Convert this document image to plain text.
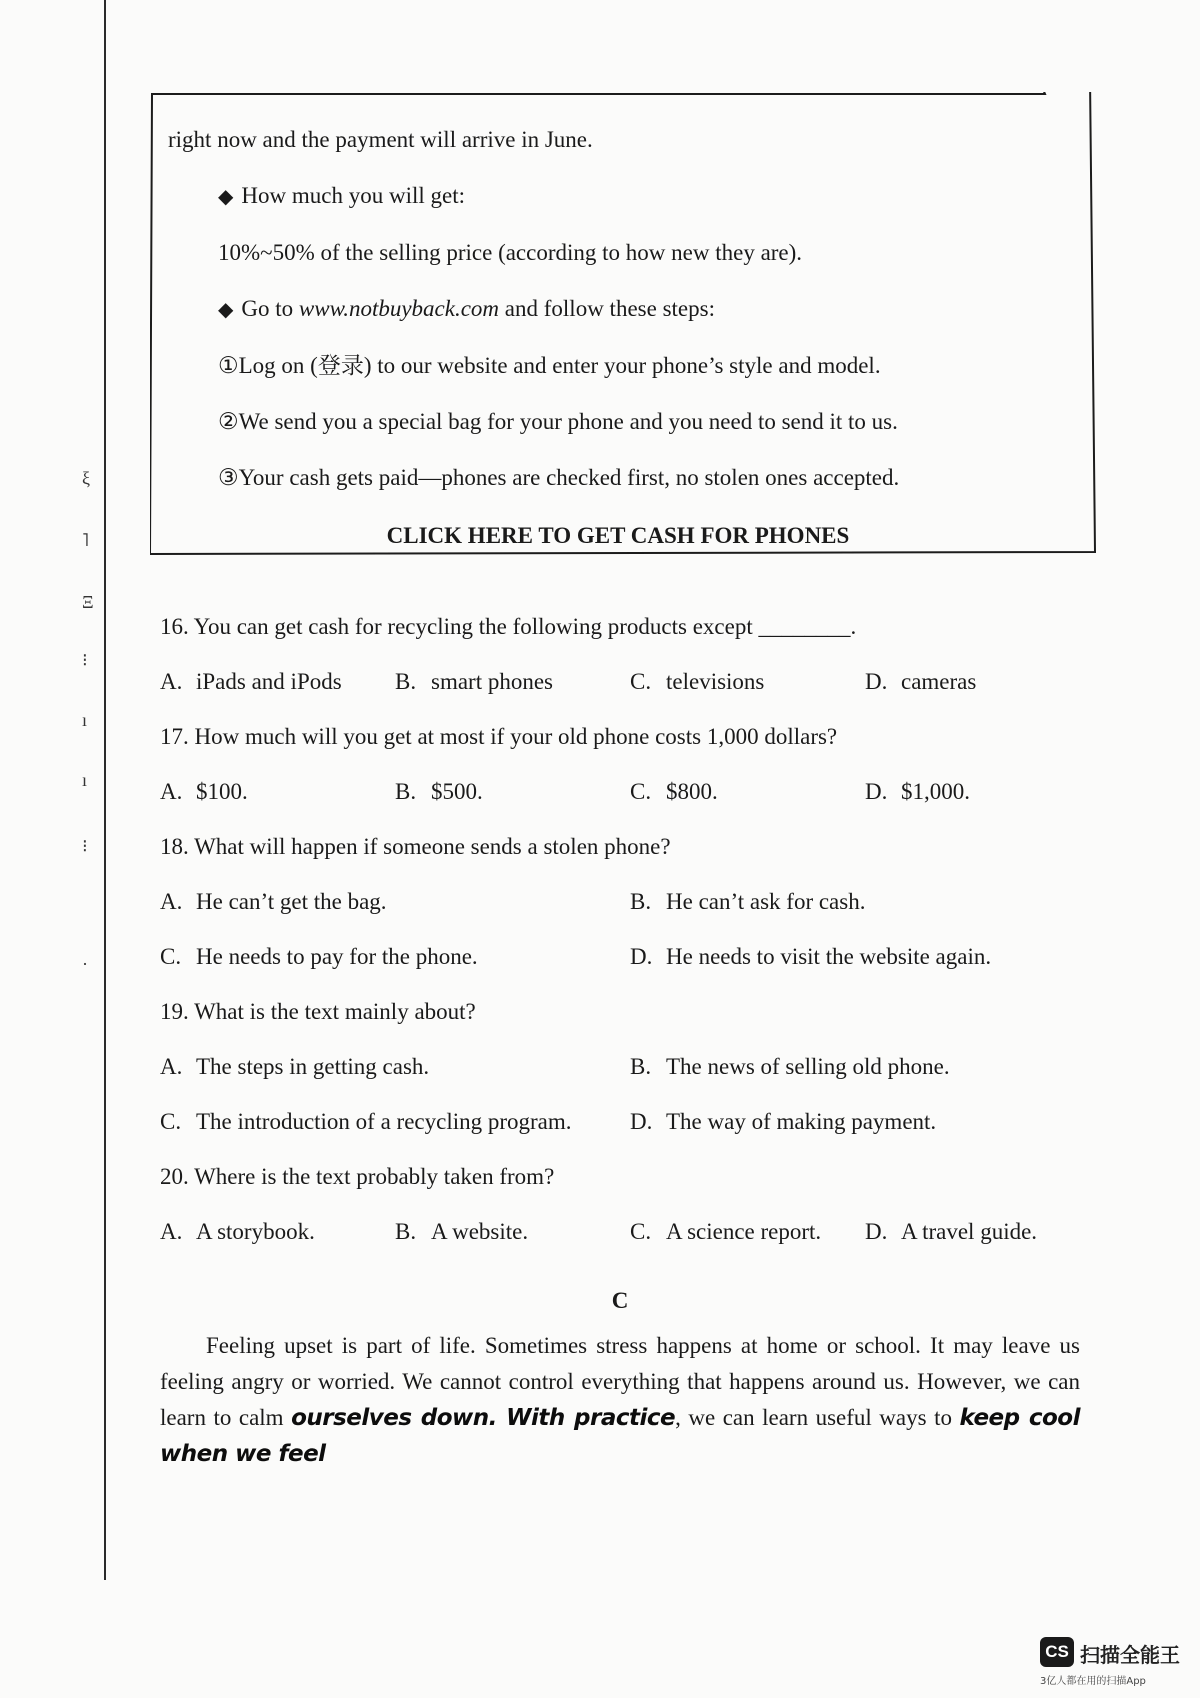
ξ
˥
Ξ
⁝
ı
ı
⁝
·
right now and the payment will arrive in June.
◆ How much you will get:
10%~50% of the selling price (according to how new they are).
◆ Go to www.notbuyback.com and follow these steps:
①Log on (登录) to our website and enter your phone’s style and model.
②We send you a special bag for your phone and you need to send it to us.
③Your cash gets paid—phones are checked first, no stolen ones accepted.
CLICK HERE TO GET CASH FOR PHONES
16. You can get cash for recycling the following products except ________.
A. iPads and iPods	B. smart phones	C. televisions	D. cameras
17. How much will you get at most if your old phone costs 1,000 dollars?
A. $100.	B. $500.	C. $800.	D. $1,000.
18. What will happen if someone sends a stolen phone?
A. He can’t get the bag.	B. He can’t ask for cash.
C. He needs to pay for the phone.	D. He needs to visit the website again.
19. What is the text mainly about?
A. The steps in getting cash.	B. The news of selling old phone.
C. The introduction of a recycling program.	D. The way of making payment.
20. Where is the text probably taken from?
A. A storybook.	B. A website.	C. A science report.	D. A travel guide.
C
Feeling upset is part of life. Sometimes stress happens at home or school. It may leave us feeling angry or worried. We cannot control everything that happens around us. However, we can learn to calm ourselves down. With practice, we can learn useful ways to keep cool when we feel
CS 扫描全能王
3亿人都在用的扫描App
